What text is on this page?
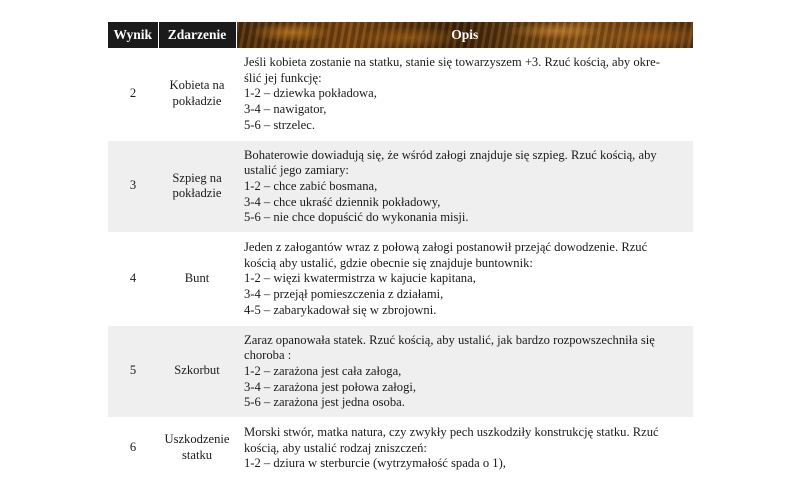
Wynik	Zdarzenie	Opis
2	Kobieta na pokładzie	Jeśli kobieta zostanie na statku, stanie się towarzyszem +3. Rzuć kością, aby okre-
ślić jej funkcję:
1-2 – dziewka pokładowa,
3-4 – nawigator,
5-6 – strzelec.

3	Szpieg na pokładzie	Bohaterowie dowiadują się, że wśród załogi znajduje się szpieg. Rzuć kością, aby
ustalić jego zamiary:
1-2 – chce zabić bosmana,
3-4 – chce ukraść dziennik pokładowy,
5-6 – nie chce dopuścić do wykonania misji.

4	Bunt	Jeden z załogantów wraz z połową załogi postanowił przejąć dowodzenie. Rzuć
kością aby ustalić, gdzie obecnie się znajduje buntownik:
1-2 – więzi kwatermistrza w kajucie kapitana,
3-4 – przejął pomieszczenia z działami,
4-5 – zabarykadował się w zbrojowni.

5	Szkorbut	Zaraz opanowała statek. Rzuć kością, aby ustalić, jak bardzo rozpowszechniła się
choroba :
1-2 – zarażona jest cała załoga,
3-4 – zarażona jest połowa załogi,
5-6 – zarażona jest jedna osoba.

6	Uszkodzenie statku	Morski stwór, matka natura, czy zwykły pech uszkodziły konstrukcję statku. Rzuć
kością, aby ustalić rodzaj zniszczeń:
1-2 – dziura w sterburcie (wytrzymałość spada o 1),
